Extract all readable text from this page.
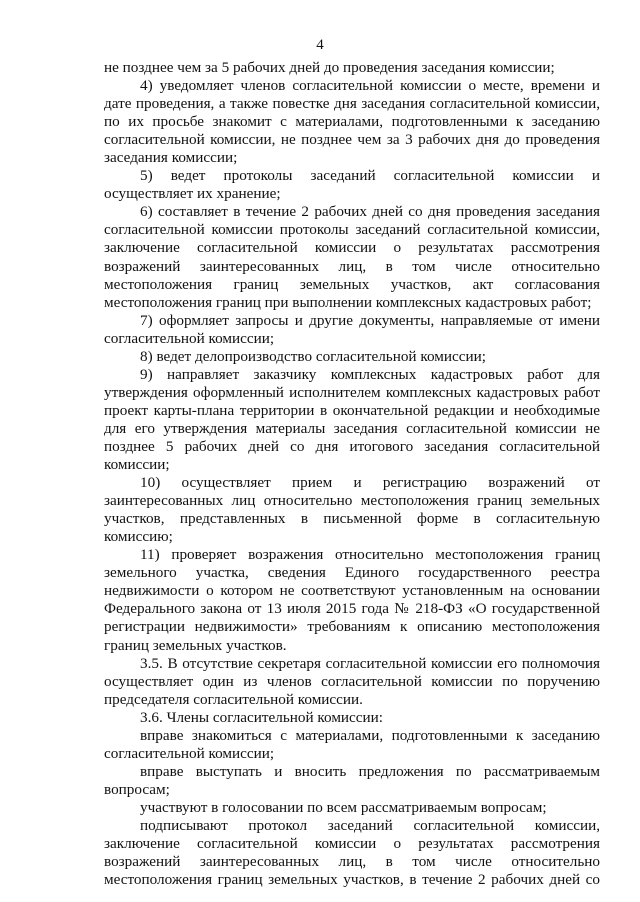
4

не позднее чем за 5 рабочих дней до проведения заседания комиссии;

4) уведомляет членов согласительной комиссии о месте, времени и дате проведения, а также повестке дня заседания согласительной комиссии, по их просьбе знакомит с материалами, подготовленными к заседанию согласительной комиссии, не позднее чем за 3 рабочих дня до проведения заседания комиссии;

5) ведет протоколы заседаний согласительной комиссии и осуществляет их хранение;

6) составляет в течение 2 рабочих дней со дня проведения заседания согласительной комиссии протоколы заседаний согласительной комиссии, заключение согласительной комиссии о результатах рассмотрения возражений заинтересованных лиц, в том числе относительно местоположения границ земельных участков, акт согласования местоположения границ при выполнении комплексных кадастровых работ;

7) оформляет запросы и другие документы, направляемые от имени согласительной комиссии;

8) ведет делопроизводство согласительной комиссии;

9) направляет заказчику комплексных кадастровых работ для утверждения оформленный исполнителем комплексных кадастровых работ проект карты-плана территории в окончательной редакции и необходимые для его утверждения материалы заседания согласительной комиссии не позднее 5 рабочих дней со дня итогового заседания согласительной комиссии;

10) осуществляет прием и регистрацию возражений от заинтересованных лиц относительно местоположения границ земельных участков, представленных в письменной форме в согласительную комиссию;

11) проверяет возражения относительно местоположения границ земельного участка, сведения Единого государственного реестра недвижимости о котором не соответствуют установленным на основании Федерального закона от 13 июля 2015 года № 218-ФЗ «О государственной регистрации недвижимости» требованиям к описанию местоположения границ земельных участков.

3.5. В отсутствие секретаря согласительной комиссии его полномочия осуществляет один из членов согласительной комиссии по поручению председателя согласительной комиссии.

3.6. Члены согласительной комиссии:

вправе знакомиться с материалами, подготовленными к заседанию согласительной комиссии;

вправе выступать и вносить предложения по рассматриваемым вопросам;

участвуют в голосовании по всем рассматриваемым вопросам;

подписывают протокол заседаний согласительной комиссии, заключение согласительной комиссии о результатах рассмотрения возражений заинтересованных лиц, в том числе относительно местоположения границ земельных участков, в течение 2 рабочих дней со
